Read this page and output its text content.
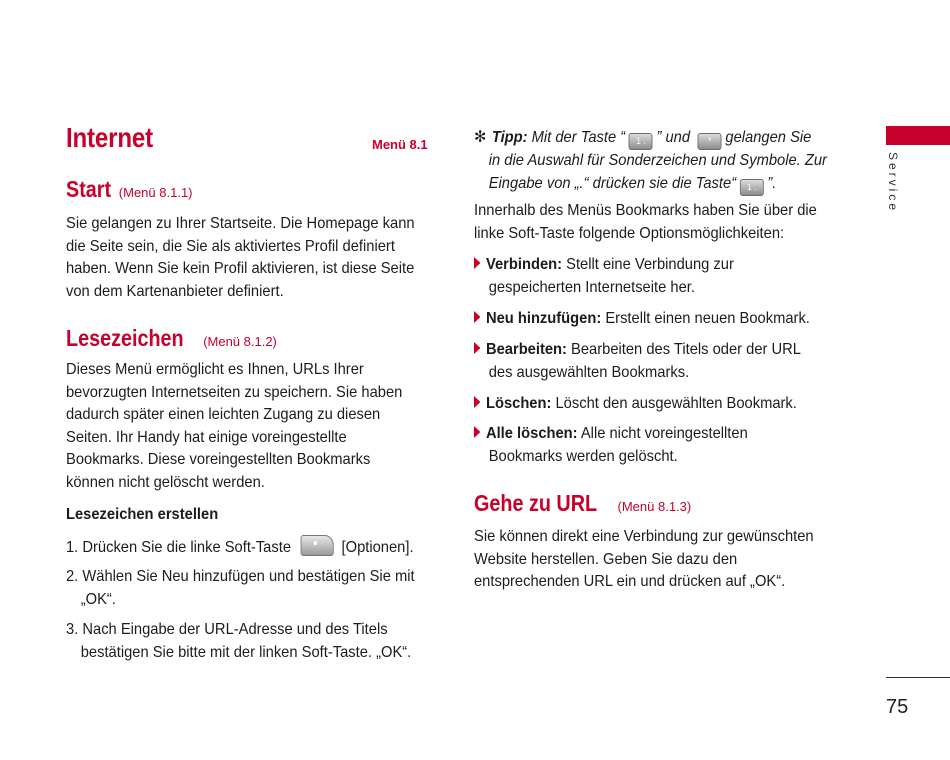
Internet	Menü 8.1
Start (Menü 8.1.1)
Sie gelangen zu Ihrer Startseite. Die Homepage kann
die Seite sein, die Sie als aktiviertes Profil definiert
haben. Wenn Sie kein Profil aktivieren, ist diese Seite
von dem Kartenanbieter definiert.
Lesezeichen (Menü 8.1.2)
Dieses Menü ermöglicht es Ihnen, URLs Ihrer
bevorzugten Internetseiten zu speichern. Sie haben
dadurch später einen leichten Zugang zu diesen
Seiten. Ihr Handy hat einige voreingestellte
Bookmarks. Diese voreingestellten Bookmarks
können nicht gelöscht werden.
Lesezeichen erstellen
1. Drücken Sie die linke Soft-Taste	[Optionen].
2. Wählen Sie Neu hinzufügen und bestätigen Sie mit
„OK“.
3. Nach Eingabe der URL-Adresse und des Titels
bestätigen Sie bitte mit der linken Soft-Taste. „OK“.
✻ Tipp: Mit der Taste “ 1 . ” und * gelangen Sie
in die Auswahl für Sonderzeichen und Symbole. Zur
Eingabe von „.“ drücken sie die Taste“ 1 . ”.
Innerhalb des Menüs Bookmarks haben Sie über die
linke Soft-Taste folgende Optionsmöglichkeiten:
Verbinden: Stellt eine Verbindung zur
gespeicherten Internetseite her.
Neu hinzufügen: Erstellt einen neuen Bookmark.
Bearbeiten: Bearbeiten des Titels oder der URL
des ausgewählten Bookmarks.
Löschen: Löscht den ausgewählten Bookmark.
Alle löschen: Alle nicht voreingestellten
Bookmarks werden gelöscht.
Gehe zu URL (Menü 8.1.3)
Sie können direkt eine Verbindung zur gewünschten
Website herstellen. Geben Sie dazu den
entsprechenden URL ein und drücken auf „OK“.
Service
75
